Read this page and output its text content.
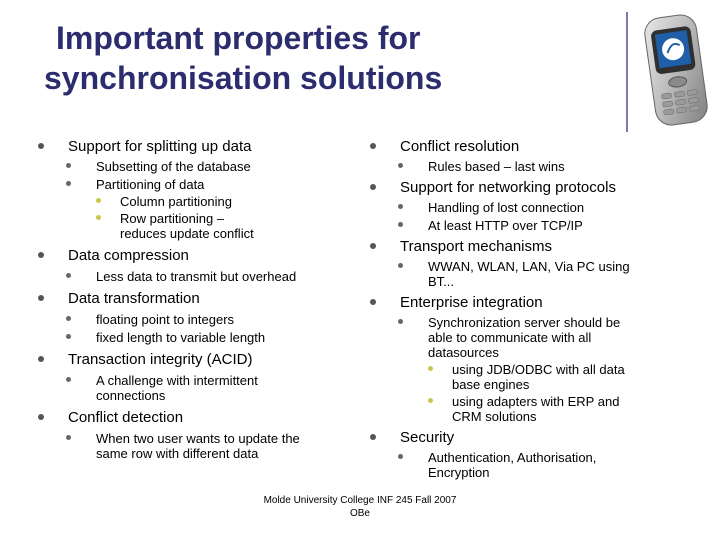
Important properties for
synchronisation solutions
Support for splitting up data
Subsetting of the database
Partitioning of data
Column partitioning
Row partitioning –
reduces update conflict
Data compression
Less data to transmit but overhead
Data transformation
floating point to integers
fixed length to variable length
Transaction integrity (ACID)
A challenge with intermittent
connections
Conflict detection
When two user wants to update the
same row with different data
Conflict resolution
Rules based – last wins
Support for networking protocols
Handling of lost connection
At least HTTP over TCP/IP
Transport mechanisms
WWAN, WLAN, LAN, Via PC using
BT...
Enterprise integration
Synchronization server should be
able to communicate with all
datasources
using JDB/ODBC with all data
base engines
using adapters with ERP and
CRM solutions
Security
Authentication, Authorisation,
Encryption
Molde University College INF 245 Fall 2007
OBe
